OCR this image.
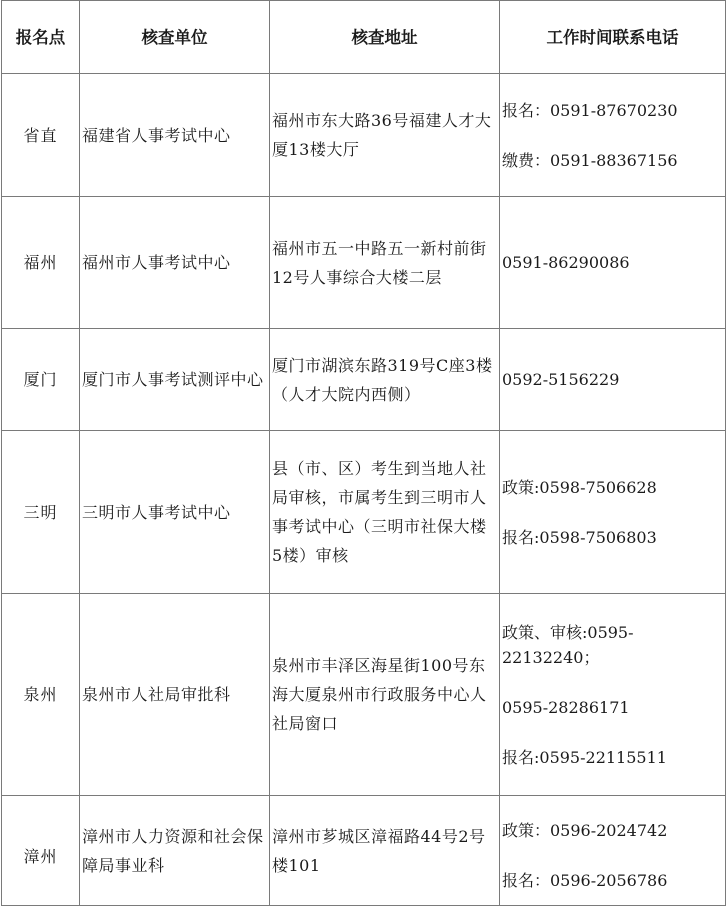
报名点	核查单位	核查地址	工作时间联系电话
省直	福建省人事考试中心	福州市东大路36号福建人才大厦13楼大厅	报名：0591-87670230
缴费：0591-88367156

福州	福州市人事考试中心	福州市五一中路五一新村前街12号人事综合大楼二层	0591-86290086

厦门	厦门市人事考试测评中心	厦门市湖滨东路319号C座3楼（人才大院内西侧）	0592-5156229

三明	三明市人事考试中心	县（市、区）考生到当地人社局审核，市属考生到三明市人事考试中心（三明市社保大楼5楼）审核	政策:0598-7506628
报名:0598-7506803

泉州	泉州市人社局审批科	泉州市丰泽区海星街100号东海大厦泉州市行政服务中心人社局窗口	政策、审核:0595-22132240；
0595-28286171
报名:0595-22115511

漳州	漳州市人力资源和社会保障局事业科	漳州市芗城区漳福路44号2号楼101	政策：0596-2024742
报名：0596-2056786
